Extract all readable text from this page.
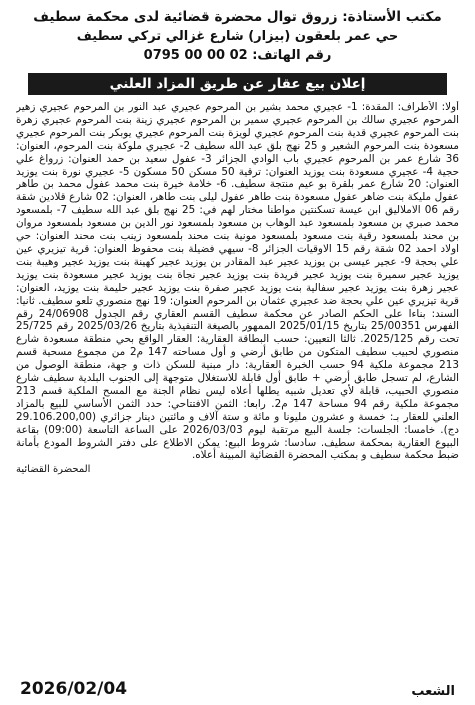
مكتب الأستاذة: زروق توال محضرة قضائية لدى محكمة سطيف
حي عمر بلعقون (بيزار) شارع غزالي تركي سطيف
رقم الهاتف: 0795 00 00 02
إعلان بيع عقار عن طريق المزاد العلني
أولا: الأطراف: المقدة: 1- عجيري محمد بشير بن المرحوم عجيري عبد النور بن المرحوم عجيري زهير المرحوم عجيري سالك بن المرحوم عجيري سمير بن المرحوم عجيري زينة بنت المرحوم عجيري زهرة بنت المرحوم عجيري قدية بنت المرحوم عجيري لويزة بنت المرحوم عجيري يوبكر بنت المرحوم عجيري مسعودة بنت المرحوم الشعير و 25 نهج بلق عبد الله سطيف 2- عجيري ملوكة بنت المرحوم، العنوان: 36 شارع عمر بن المرحوم عجيري باب الوادي الجزائر 3- عفول سعيد بن حمد العنوان: زرواغ علي حجية 4- عجيري مسعودة بنت يوزيد العنوان: ترقية 50 مسكن 50 مسكون 5- عجيري نورة بنت يوزيد العنوان: 20 شارع عمر بلقرة بو عيم منتجة سطيف. 6- خلامة خيرة بنت محمد عفول محمد بن طاهر عفول مليكة بنت ضاهر عفول مسعودة بنت طاهر عفول ليلى بنت طاهر، العنوان: 02 شارع قلادين شقة رقم 06 الاملاليق ابن عيسة تسكنتين مواطنا مختار لهم في: 25 نهج بلق عبد الله سطيف 7- بلمسعود محمد صبري بن مسعود بلمسعود عبد الوهاب بن مسعود بلمسعود نور الدين بن مسعود بلمسعود مروان بن محند بلمسعود رقية بنت مسعود بلمسعود مونية بنت محند بلمسعود زينب بنت محند العنوان: حي اولاد احمد 02 شقة رقم 15 الاوقيات الجزائر 8- سيهي فضيلة بنت محفوظ العنوان: قرية تيزيري عين علي بحجة 9- عجير عيسى بن يوزيد عجير عبد المقادر بن يوزيد عجير كهينة بنت يوزيد عجير وهيبة بنت يوزيد عجير سميرة بنت يوزيد عجير فريدة بنت يوزيد عجير نجاة بنت يوزيد عجير مسعودة بنت يوزيد عجير زهرة بنت يوزيد عجير سفالية بنت يوزيد عجير صفرة بنت يوزيد عجير حليمة بنت يوزيد، العنوان: قرية تيزيري عين علي بحجة ضد عجيري عثمان بن المرحوم العنوان: 19 نهج منصوري تلعو سطيف. ثانيا: السند: بناءا على الحكم الصادر عن محكمة سطيف القسم العقاري رقم الجدول 24/06908 رقم الفهرس 25/00351 بتاريخ 2025/01/15 الممهور بالصيغة التنفيذية بتاريخ 2025/03/26 رقم 25/725 تحت رقم 2025/125. ثالثا التعيين: حسب البطاقة العقارية: العقار الواقع بحي منطقة مسعودة شارع منصوري لحبيب سطيف المتكون من طابق أرضي و أول مساحته 147 م2 من مجموع مسحية قسم 213 مجموعة ملكية 94 حسب الخبرة العقارية: دار مبنية للسكن ذات و جهة، منطقة الوصول من الشارع، لم تسجل طابق أرضي + طابق أول قابلة للاستغلال متوجهة إلى الجنوب البلدية سطيف شارع منصوري الحبيب، قابلة لأي تعديل شبيه يطلها أعلاه ليس نظام الجنة مع المسح الملكية قسم 213 مجموعة ملكية رقم 94 مساحة 147 م2. رابعا: الثمن الافتتاحي: حدد الثمن الأساسي للبيع بالمزاد العلني للعقار بـ: خمسة و عشرون مليونا و مائة و ستة آلاف و مائتين دينار جزائري (29.106.200,00 دج). خامسا: الجلسات: جلسة البيع مرتقبة ليوم 2026/03/03 على الساعة التاسعة (09:00) بقاعة البيوع العقارية بمحكمة سطيف. سادسا: شروط البيع: يمكن الاطلاع على دفتر الشروط المودع بأمانة ضبط محكمة سطيف و بمكتب المحضرة القضائية المبينة أعلاه.
المحضرة القضائية
الشعب
2026/02/04
